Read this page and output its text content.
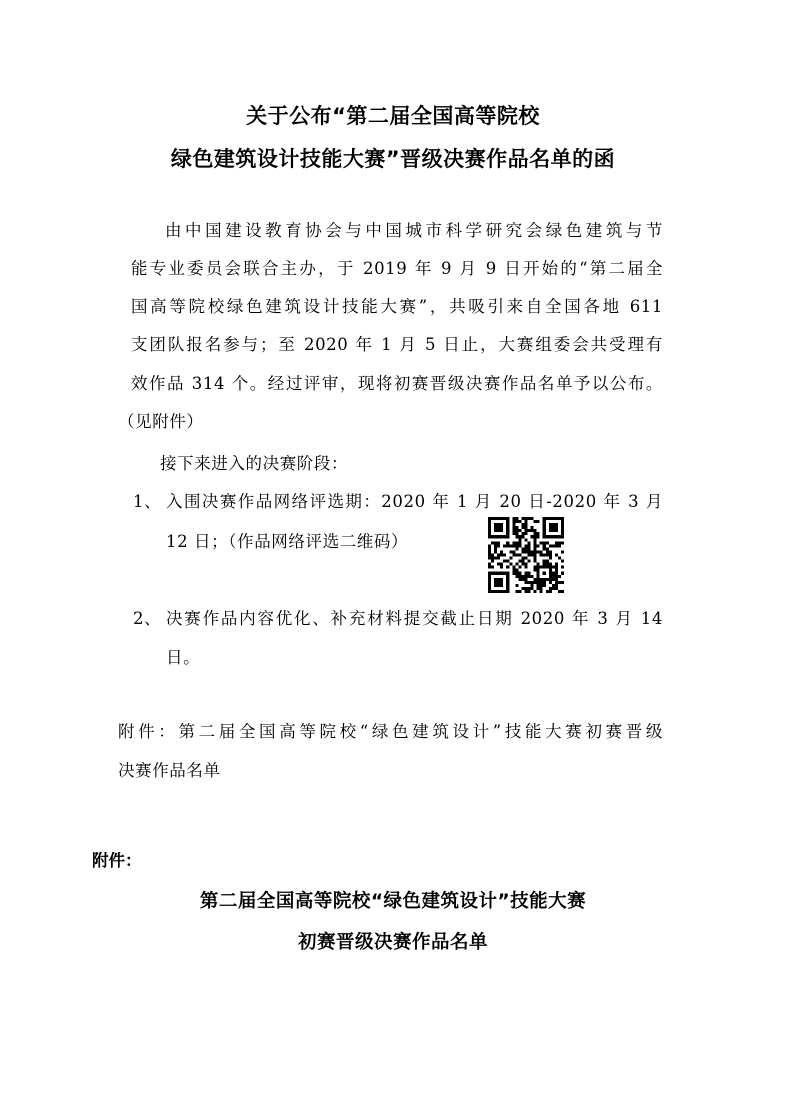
关于公布“第二届全国高等院校
绿色建筑设计技能大赛”晋级决赛作品名单的函
由中国建设教育协会与中国城市科学研究会绿色建筑与节
能专业委员会联合主办，于 2019 年 9 月 9 日开始的“第二届全
国高等院校绿色建筑设计技能大赛”，共吸引来自全国各地 611
支团队报名参与；至 2020 年 1 月 5 日止，大赛组委会共受理有
效作品 314 个。经过评审，现将初赛晋级决赛作品名单予以公布。
（见附件）
接下来进入的决赛阶段：
1、 入围决赛作品网络评选期：2020 年 1 月 20 日-2020 年 3 月
12 日；（作品网络评选二维码）
2、 决赛作品内容优化、补充材料提交截止日期 2020 年 3 月 14
日。
附件：第二届全国高等院校“绿色建筑设计”技能大赛初赛晋级
决赛作品名单
附件：
第二届全国高等院校“绿色建筑设计”技能大赛
初赛晋级决赛作品名单
